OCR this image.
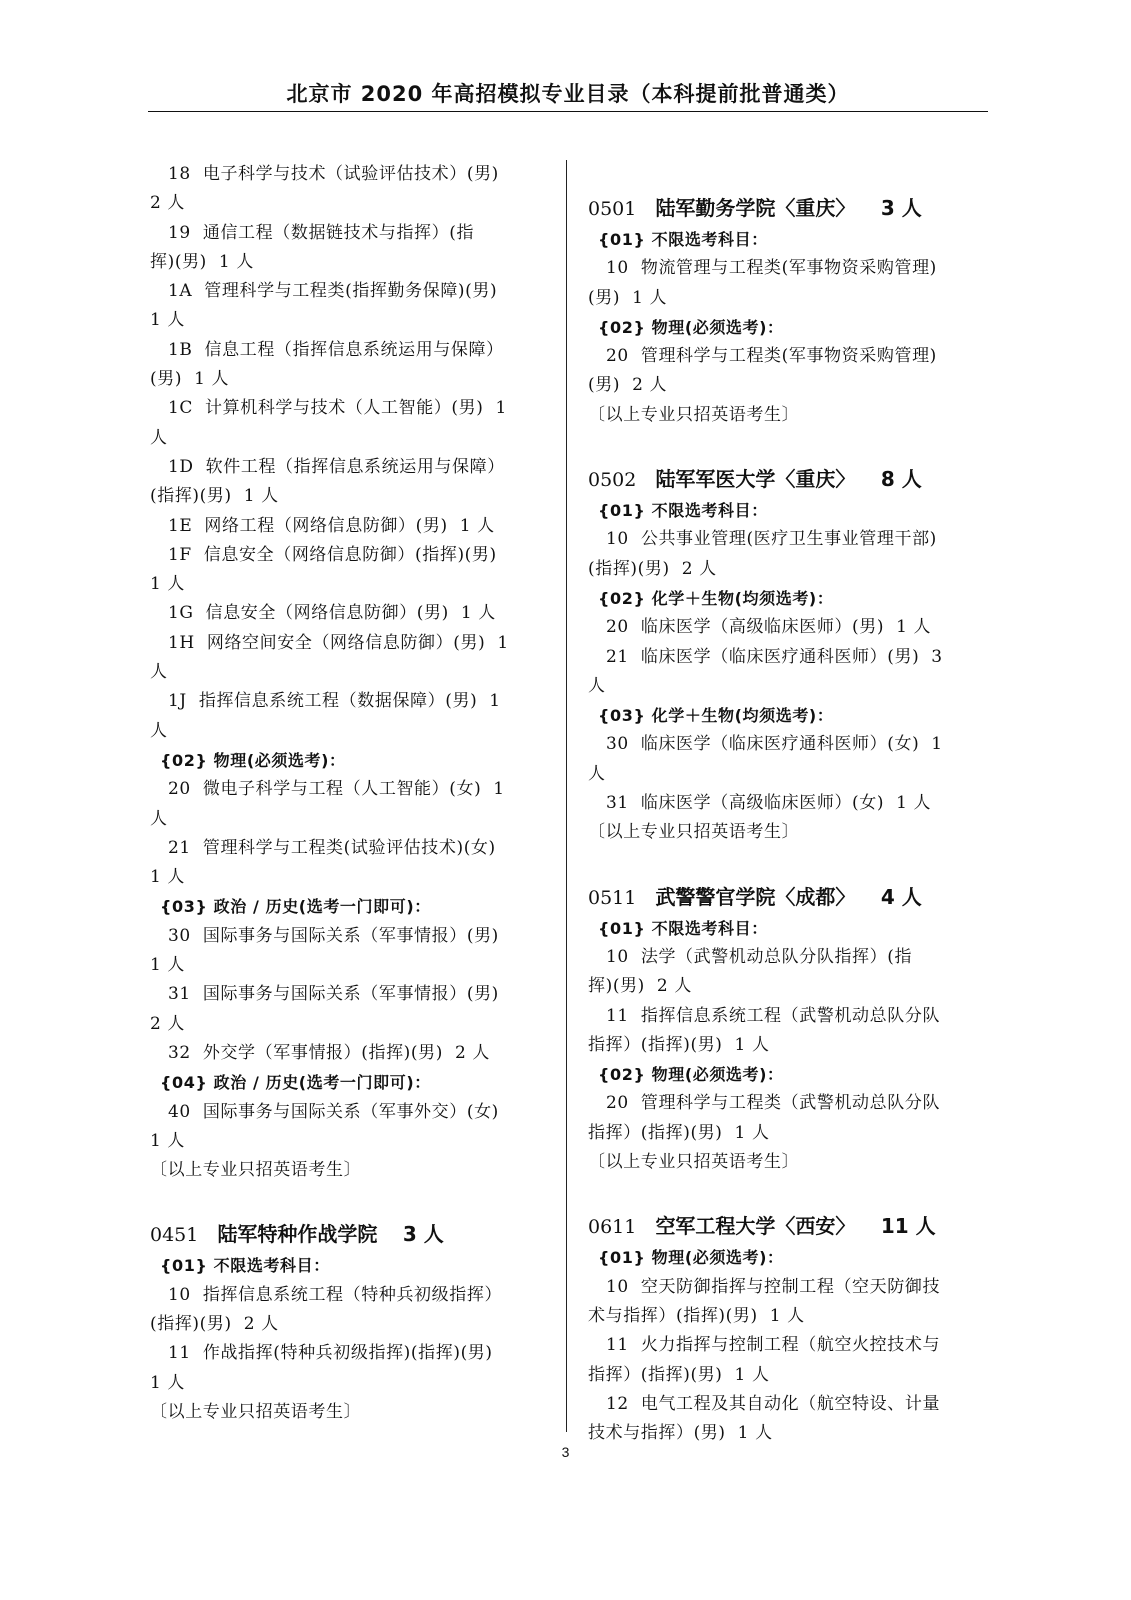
北京市 2020 年高招模拟专业目录（本科提前批普通类）
18  电子科学与技术（试验评估技术）(男)
2 人
19  通信工程（数据链技术与指挥）(指
挥)(男)  1 人
1A  管理科学与工程类(指挥勤务保障)(男)
1 人
1B  信息工程（指挥信息系统运用与保障）
(男)  1 人
1C  计算机科学与技术（人工智能）(男)  1
人
1D  软件工程（指挥信息系统运用与保障）
(指挥)(男)  1 人
1E  网络工程（网络信息防御）(男)  1 人
1F  信息安全（网络信息防御）(指挥)(男)
1 人
1G  信息安全（网络信息防御）(男)  1 人
1H  网络空间安全（网络信息防御）(男)  1
人
1J  指挥信息系统工程（数据保障）(男)  1
人
{02} 物理(必须选考)：
20  微电子科学与工程（人工智能）(女)  1
人
21  管理科学与工程类(试验评估技术)(女)
1 人
{03} 政治 / 历史(选考一门即可)：
30  国际事务与国际关系（军事情报）(男)
1 人
31  国际事务与国际关系（军事情报）(男)
2 人
32  外交学（军事情报）(指挥)(男)  2 人
{04} 政治 / 历史(选考一门即可)：
40  国际事务与国际关系（军事外交）(女)
1 人
〔以上专业只招英语考生〕
0451 陆军特种作战学院 3 人
{01} 不限选考科目：
10  指挥信息系统工程（特种兵初级指挥）
(指挥)(男)  2 人
11  作战指挥(特种兵初级指挥)(指挥)(男)
1 人
〔以上专业只招英语考生〕
0501 陆军勤务学院〈重庆〉 3 人
{01} 不限选考科目：
10  物流管理与工程类(军事物资采购管理)
(男)  1 人
{02} 物理(必须选考)：
20  管理科学与工程类(军事物资采购管理)
(男)  2 人
〔以上专业只招英语考生〕
0502 陆军军医大学〈重庆〉 8 人
{01} 不限选考科目：
10  公共事业管理(医疗卫生事业管理干部)
(指挥)(男)  2 人
{02} 化学＋生物(均须选考)：
20  临床医学（高级临床医师）(男)  1 人
21  临床医学（临床医疗通科医师）(男)  3
人
{03} 化学＋生物(均须选考)：
30  临床医学（临床医疗通科医师）(女)  1
人
31  临床医学（高级临床医师）(女)  1 人
〔以上专业只招英语考生〕
0511 武警警官学院〈成都〉 4 人
{01} 不限选考科目：
10  法学（武警机动总队分队指挥）(指
挥)(男)  2 人
11  指挥信息系统工程（武警机动总队分队
指挥）(指挥)(男)  1 人
{02} 物理(必须选考)：
20  管理科学与工程类（武警机动总队分队
指挥）(指挥)(男)  1 人
〔以上专业只招英语考生〕
0611 空军工程大学〈西安〉 11 人
{01} 物理(必须选考)：
10  空天防御指挥与控制工程（空天防御技
术与指挥）(指挥)(男)  1 人
11  火力指挥与控制工程（航空火控技术与
指挥）(指挥)(男)  1 人
12  电气工程及其自动化（航空特设、计量
技术与指挥）(男)  1 人
3
